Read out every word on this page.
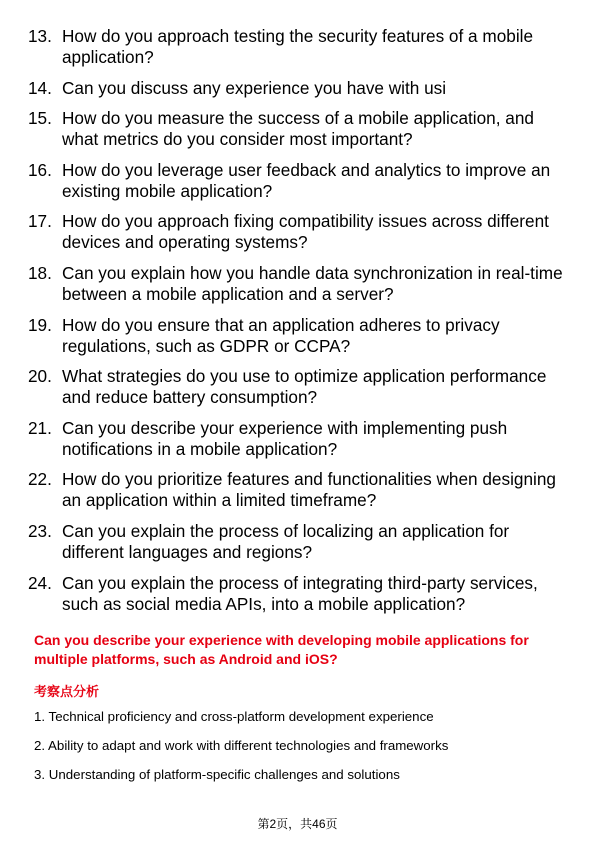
13. How do you approach testing the security features of a mobile application?
14. Can you discuss any experience you have with usi
15. How do you measure the success of a mobile application, and what metrics do you consider most important?
16. How do you leverage user feedback and analytics to improve an existing mobile application?
17. How do you approach fixing compatibility issues across different devices and operating systems?
18. Can you explain how you handle data synchronization in real-time between a mobile application and a server?
19. How do you ensure that an application adheres to privacy regulations, such as GDPR or CCPA?
20. What strategies do you use to optimize application performance and reduce battery consumption?
21. Can you describe your experience with implementing push notifications in a mobile application?
22. How do you prioritize features and functionalities when designing an application within a limited timeframe?
23. Can you explain the process of localizing an application for different languages and regions?
24. Can you explain the process of integrating third-party services, such as social media APIs, into a mobile application?

Can you describe your experience with developing mobile applications for multiple platforms, such as Android and iOS?

考察点分析
1. Technical proficiency and cross-platform development experience
2. Ability to adapt and work with different technologies and frameworks
3. Understanding of platform-specific challenges and solutions
第2页，共46页
